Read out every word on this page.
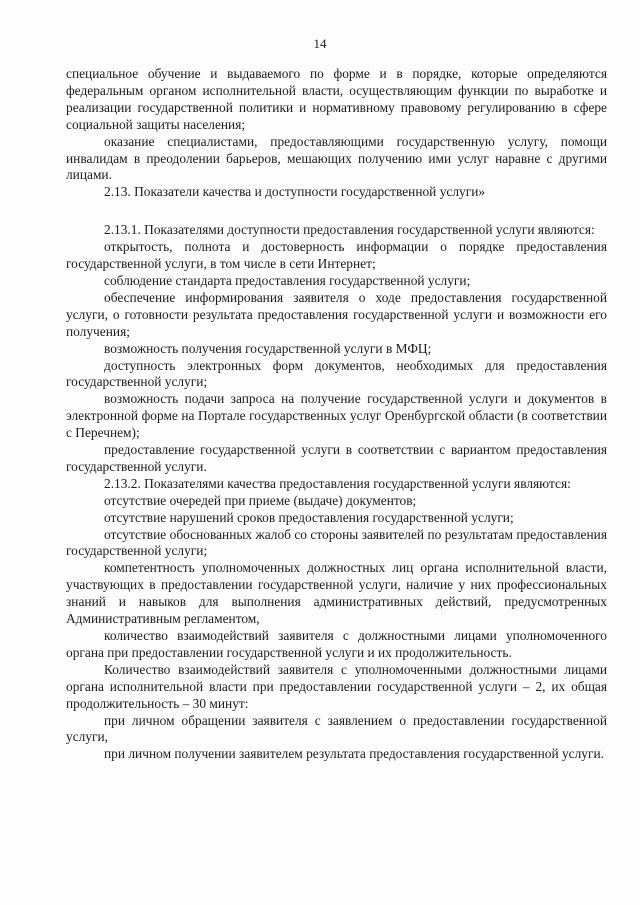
14

специальное обучение и выдаваемого по форме и в порядке, которые определяются федеральным органом исполнительной власти, осуществляющим функции по выработке и реализации государственной политики и нормативному правовому регулированию в сфере социальной защиты населения;

оказание специалистами, предоставляющими государственную услугу, помощи инвалидам в преодолении барьеров, мешающих получению ими услуг наравне с другими лицами.

2.13. Показатели качества и доступности государственной услуги»

2.13.1. Показателями доступности предоставления государственной услуги являются:

открытость, полнота и достоверность информации о порядке предоставления государственной услуги, в том числе в сети Интернет;

соблюдение стандарта предоставления государственной услуги;

обеспечение информирования заявителя о ходе предоставления государственной услуги, о готовности результата предоставления государственной услуги и возможности его получения;

возможность получения государственной услуги в МФЦ;

доступность электронных форм документов, необходимых для предоставления государственной услуги;

возможность подачи запроса на получение государственной услуги и документов в электронной форме на Портале государственных услуг Оренбургской области (в соответствии с Перечнем);

предоставление государственной услуги в соответствии с вариантом предоставления государственной услуги.

2.13.2. Показателями качества предоставления государственной услуги являются:

отсутствие очередей при приеме (выдаче) документов;

отсутствие нарушений сроков предоставления государственной услуги;

отсутствие обоснованных жалоб со стороны заявителей по результатам предоставления государственной услуги;

компетентность уполномоченных должностных лиц органа исполнительной власти, участвующих в предоставлении государственной услуги, наличие у них профессиональных знаний и навыков для выполнения административных действий, предусмотренных Административным регламентом,

количество взаимодействий заявителя с должностными лицами уполномоченного органа при предоставлении государственной услуги и их продолжительность.

Количество взаимодействий заявителя с уполномоченными должностными лицами органа исполнительной власти при предоставлении государственной услуги – 2, их общая продолжительность – 30 минут:

при личном обращении заявителя с заявлением о предоставлении государственной услуги,

при личном получении заявителем результата предоставления государственной услуги.
